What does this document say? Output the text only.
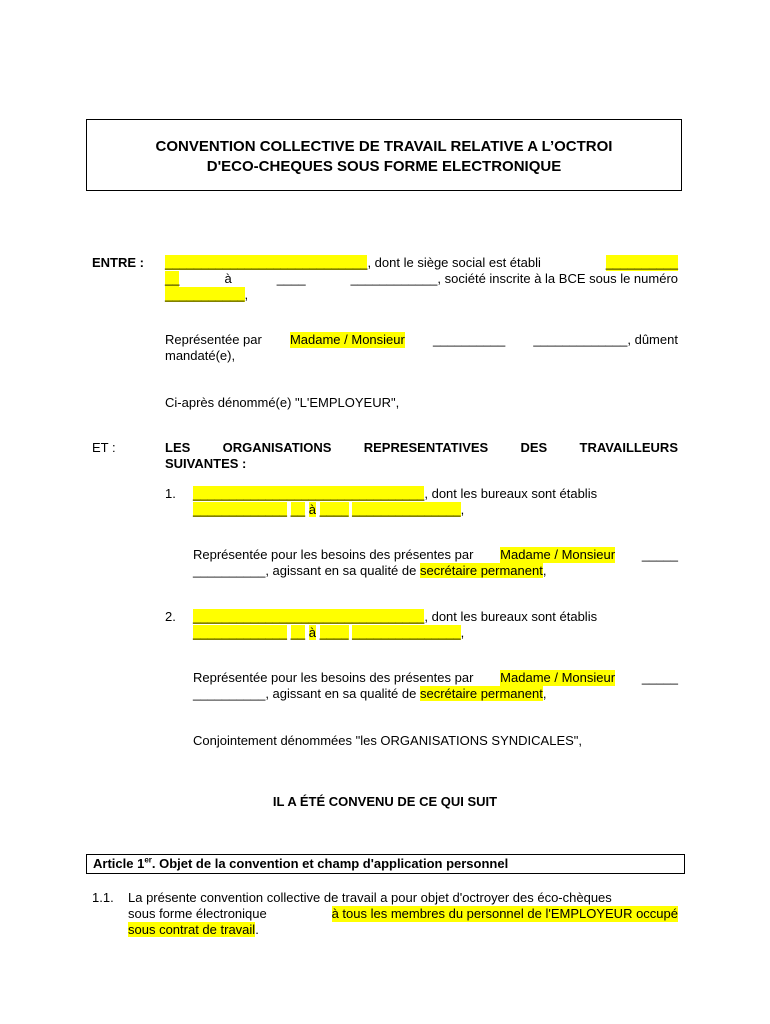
CONVENTION COLLECTIVE DE TRAVAIL RELATIVE A L’OCTROI
D'ECO-CHEQUES SOUS FORME ELECTRONIQUE
ENTRE : ____________________________, dont le siège social est établi	__________
__	à	____	____________, société inscrite à la BCE sous le numéro
___________,
Représentée par Madame / Monsieur __________ _____________, dûment
mandaté(e),
Ci-après dénommé(e) "L'EMPLOYEUR",
ET :	LES ORGANISATIONS REPRESENTATIVES DES TRAVAILLEURS
SUIVANTES :
1. ________________________________, dont les bureaux sont établis
_____________ __ à ____ _______________,
Représentée pour les besoins des présentes par Madame / Monsieur _____
__________, agissant en sa qualité de secrétaire permanent,
2. ________________________________, dont les bureaux sont établis
_____________ __ à ____ _______________,
Représentée pour les besoins des présentes par Madame / Monsieur _____
__________, agissant en sa qualité de secrétaire permanent,
Conjointement dénommées "les ORGANISATIONS SYNDICALES",
IL A ÉTÉ CONVENU DE CE QUI SUIT
Article 1er. Objet de la convention et champ d'application personnel
1.1. La présente convention collective de travail a pour objet d'octroyer des éco-chèques
sous forme électronique	à tous les membres du personnel de l'EMPLOYEUR occupé
sous contrat de travail.
